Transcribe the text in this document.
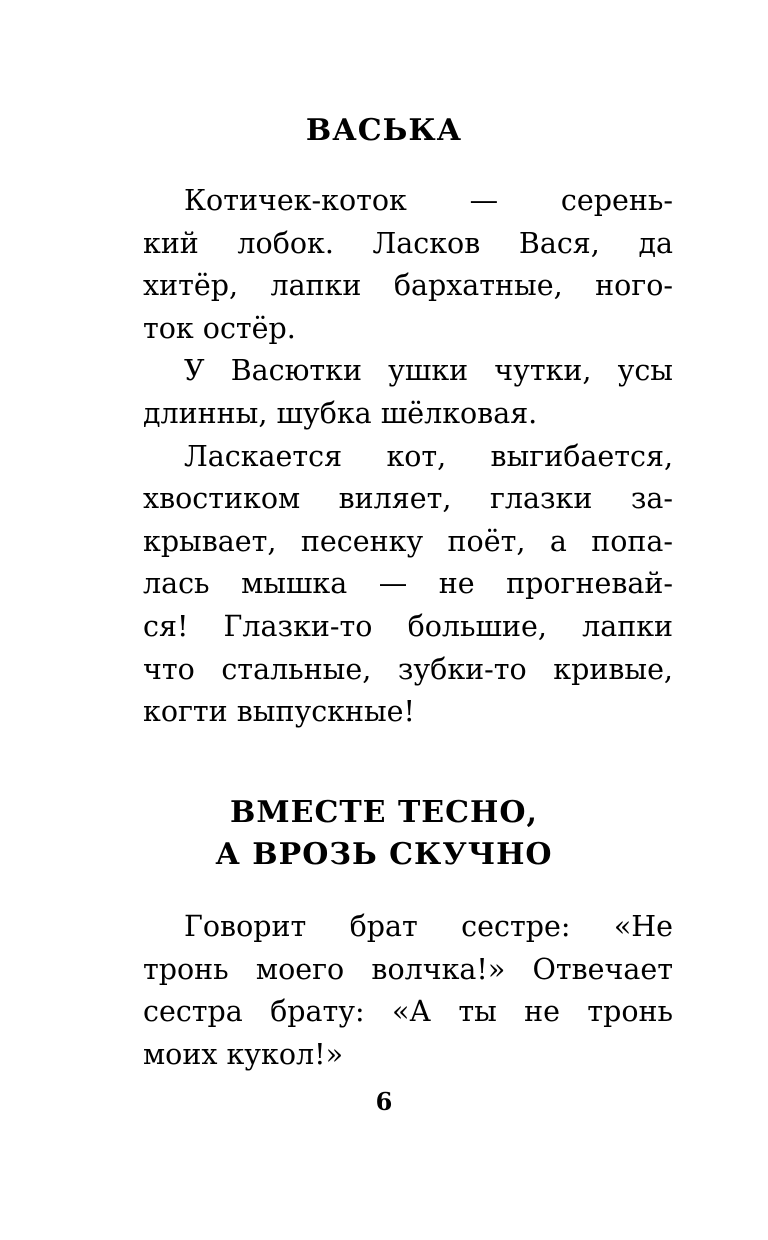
ВАСЬКА
Котичек-коток — серень-
кий лобок. Ласков Вася, да
хитёр, лапки бархатные, ного-
ток остёр.
У Васютки ушки чутки, усы
длинны, шубка шёлковая.
Ласкается кот, выгибается,
хвостиком виляет, глазки за-
крывает, песенку поёт, а попа-
лась мышка — не прогневай-
ся! Глазки-то большие, лапки
что стальные, зубки-то кривые,
когти выпускные!
ВМЕСТЕ ТЕСНО,
А ВРОЗЬ СКУЧНО
Говорит брат сестре: «Не
тронь моего волчка!» Отвечает
сестра брату: «А ты не тронь
моих кукол!»
6
